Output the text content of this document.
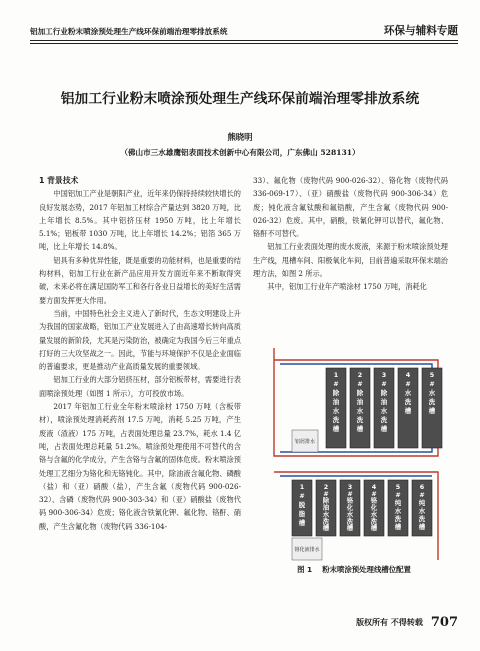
铝加工行业粉末喷涂预处理生产线环保前端治理零排放系统	环保与辅料专题
铝加工行业粉末喷涂预处理生产线环保前端治理零排放系统
熊晓明
（佛山市三水雄鹰铝表面技术创新中心有限公司，广东佛山 528131）

1 背景技术

中国铝加工产业是朝阳产业，近年来仍保持持续较快增长的良好发展态势，2017 年铝加工材综合产量达到 3820 万吨，比上年增长 8.5%。其中铝挤压材 1950 万吨，比上年增长 5.1%；铝板带 1030 万吨，比上年增长 14.2%；铝箔 365 万吨，比上年增长 14.8%。

铝具有多种优异性能，既是重要的功能材料，也是重要的结构材料，铝加工行业在新产品应用开发方面近年来不断取得突破，未来必将在满足国防军工和各行各业日益增长的美好生活需要方面发挥更大作用。

当前，中国特色社会主义进入了新时代，生态文明建设上升为我国的国家战略，铝加工产业发展进入了由高速增长转向高质量发展的新阶段，尤其是污染防治，被确定为我国今后三年重点打好的三大攻坚战之一。因此，节能与环境保护不仅是企业面临的普遍要求，更是推动产业高质量发展的重要领域。

铝加工行业的大部分铝挤压材，部分铝板带材，需要进行表面喷涂预处理（如图 1 所示），方可投放市场。

2017 年铝加工行业全年粉末喷涂材 1750 万吨（含板带材），喷涂预处理消耗药剂 17.5 万吨，消耗 5.25 万吨，产生废液（渣液）175 万吨，占表面处理总量 23.7%，耗水 1.4 亿吨，占表面处理总耗量 51.2%。喷涂预处理使用不可替代的含铬与含氟的化学成分，产生含铬与含氟的固体危废。粉末喷涂预处理工艺细分为铬化和无铬钝化。其中，除油液含氟化物、磷酸（盐）和（亚）硝酸（盐），产生含氟（废物代码 900-026-32）、含磷（废物代码 900-303-34）和（亚）硝酸盐（废物代码 900-306-34）危废；铬化液含铁氰化钾、氟化物、铬酐、硝酸，产生含氟化物（废物代码 336-104-

33）、氟化物（废物代码 900-026-32）、铬化物（废物代码 336-069-17）、（亚）硝酸盐（废物代码 900-306-34）危废；钝化液含氟钛酸和氟锆酸，产生含氟（废物代码 900-026-32）危废。其中，硝酸，铁氰化钾可以替代，氟化物、铬酐不可替代。

铝加工行业表面处理的废水废液，来源于粉末喷涂预处理生产线，甩槽车间、阳极氧化车间，目前普遍采取环保末端治理方法，如图 2 所示。

其中，铝加工行业年产喷涂材 1750 万吨，消耗化

1
#
除
油
水
洗
槽
2
#
除
油
水
洗
槽
3
#
除
油
水
洗
槽
4
#
水
洗
槽
5
#
水
洗
槽
1
#
脱
脂
槽
2
#
除
油
水
洗
槽
3
#
铬
化
水
洗
槽
4
#
铬
化
水
洗
槽
5
#
纯
水
洗
槽
6
#
纯
水
洗
槽
铝屑排水
铬化液排水
图 1 粉末喷涂预处理线槽位配置
版权所有 不得转载 707
